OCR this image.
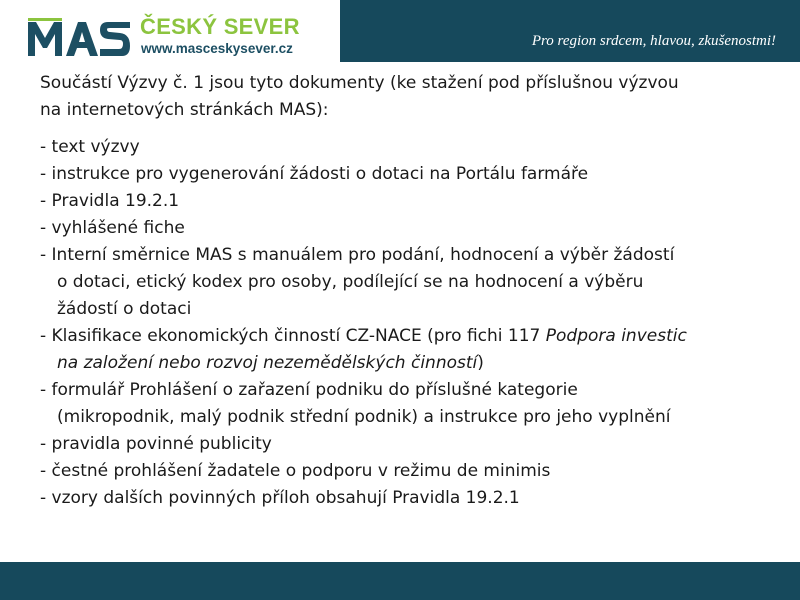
ČESKÝ SEVER
www.masceskysever.cz	Pro region srdcem, hlavou, zkušenostmi!
Součástí Výzvy č. 1 jsou tyto dokumenty (ke stažení pod příslušnou výzvou
na internetových stránkách MAS):
- text výzvy
- instrukce pro vygenerování žádosti o dotaci na Portálu farmáře
- Pravidla 19.2.1
- vyhlášené fiche
- Interní směrnice MAS s manuálem pro podání, hodnocení a výběr žádostí
o dotaci, etický kodex pro osoby, podílející se na hodnocení a výběru
žádostí o dotaci
- Klasifikace ekonomických činností CZ-NACE (pro fichi 117 Podpora investic
na založení nebo rozvoj nezemědělských činností)
- formulář Prohlášení o zařazení podniku do příslušné kategorie
(mikropodnik, malý podnik střední podnik) a instrukce pro jeho vyplnění
- pravidla povinné publicity
- čestné prohlášení žadatele o podporu v režimu de minimis
- vzory dalších povinných příloh obsahují Pravidla 19.2.1
